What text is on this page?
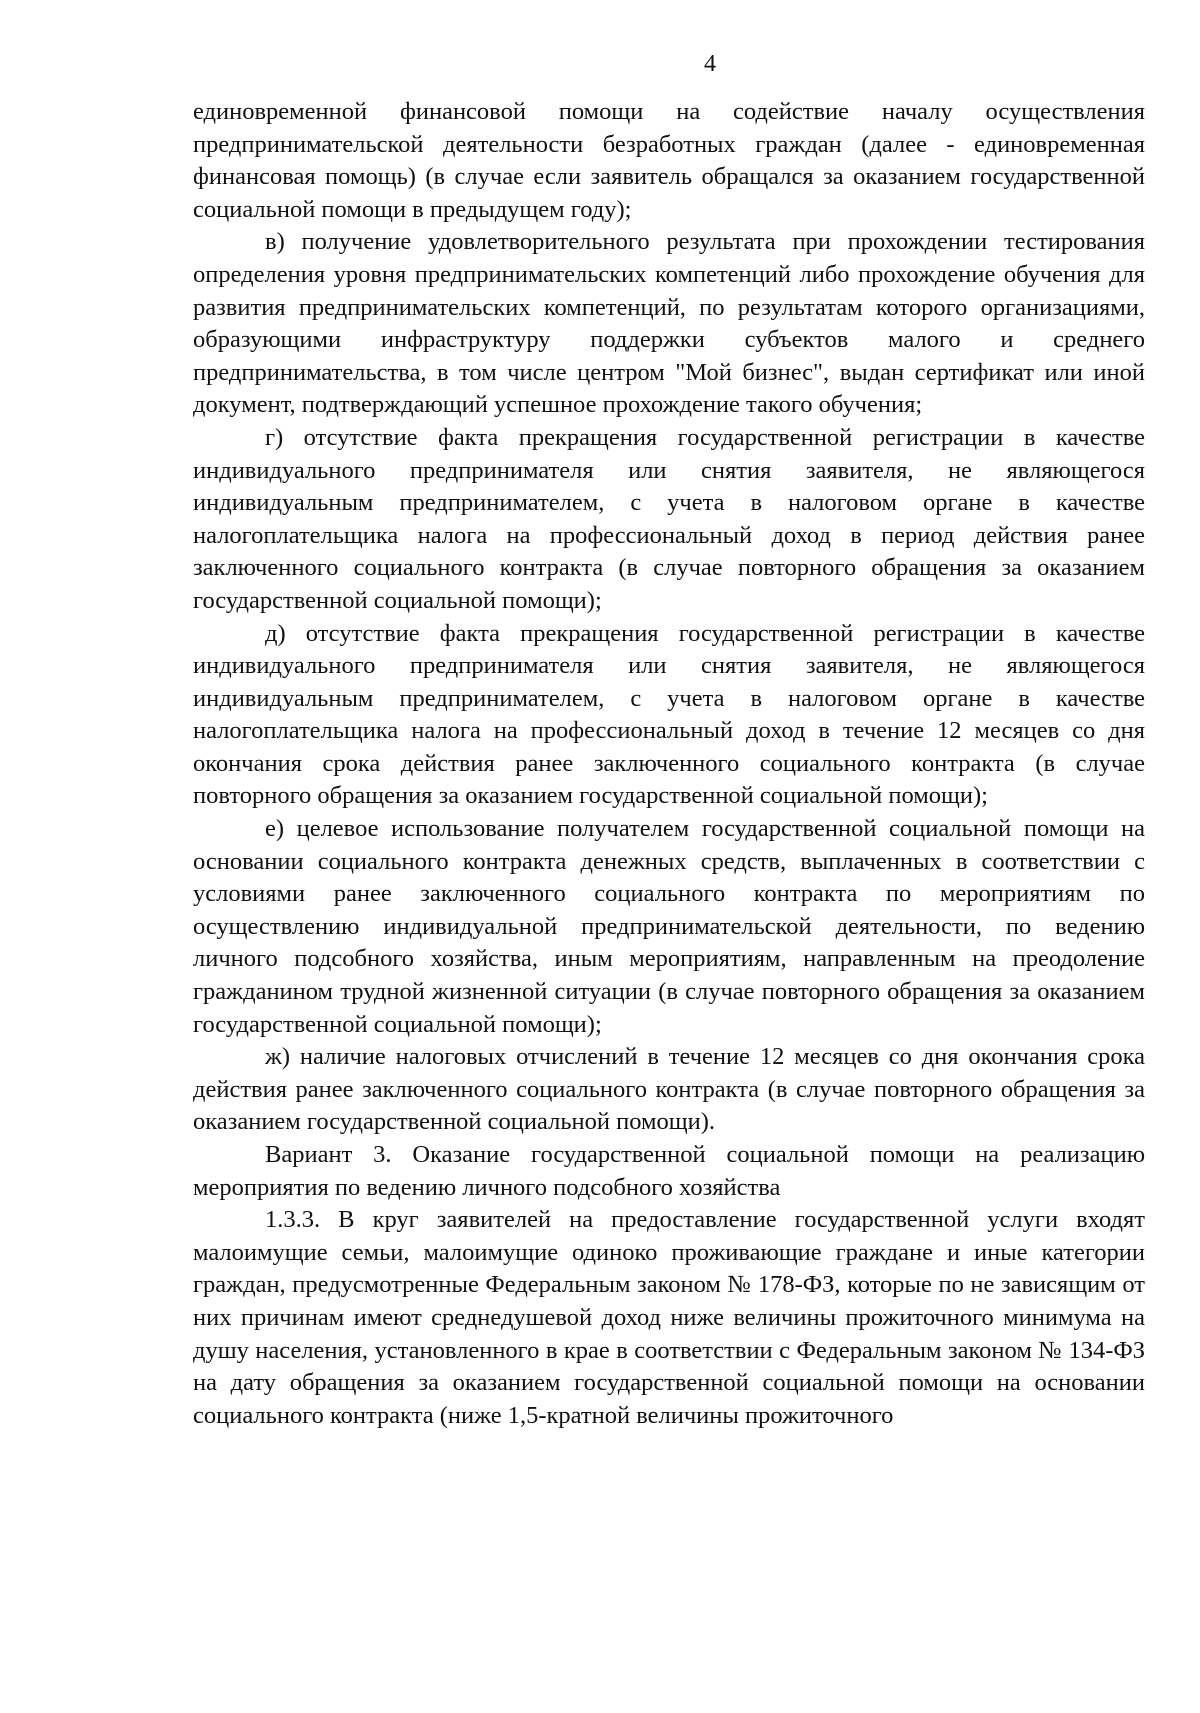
4

единовременной финансовой помощи на содействие началу осуществления предпринимательской деятельности безработных граждан (далее - единовременная финансовая помощь) (в случае если заявитель обращался за оказанием государственной социальной помощи в предыдущем году);

в) получение удовлетворительного результата при прохождении тестирования определения уровня предпринимательских компетенций либо прохождение обучения для развития предпринимательских компетенций, по результатам которого организациями, образующими инфраструктуру поддержки субъектов малого и среднего предпринимательства, в том числе центром "Мой бизнес", выдан сертификат или иной документ, подтверждающий успешное прохождение такого обучения;

г) отсутствие факта прекращения государственной регистрации в качестве индивидуального предпринимателя или снятия заявителя, не являющегося индивидуальным предпринимателем, с учета в налоговом органе в качестве налогоплательщика налога на профессиональный доход в период действия ранее заключенного социального контракта (в случае повторного обращения за оказанием государственной социальной помощи);

д) отсутствие факта прекращения государственной регистрации в качестве индивидуального предпринимателя или снятия заявителя, не являющегося индивидуальным предпринимателем, с учета в налоговом органе в качестве налогоплательщика налога на профессиональный доход в течение 12 месяцев со дня окончания срока действия ранее заключенного социального контракта (в случае повторного обращения за оказанием государственной социальной помощи);

е) целевое использование получателем государственной социальной помощи на основании социального контракта денежных средств, выплаченных в соответствии с условиями ранее заключенного социального контракта по мероприятиям по осуществлению индивидуальной предпринимательской деятельности, по ведению личного подсобного хозяйства, иным мероприятиям, направленным на преодоление гражданином трудной жизненной ситуации (в случае повторного обращения за оказанием государственной социальной помощи);

ж) наличие налоговых отчислений в течение 12 месяцев со дня окончания срока действия ранее заключенного социального контракта (в случае повторного обращения за оказанием государственной социальной помощи).

Вариант 3. Оказание государственной социальной помощи на реализацию мероприятия по ведению личного подсобного хозяйства

1.3.3. В круг заявителей на предоставление государственной услуги входят малоимущие семьи, малоимущие одиноко проживающие граждане и иные категории граждан, предусмотренные Федеральным законом № 178-ФЗ, которые по не зависящим от них причинам имеют среднедушевой доход ниже величины прожиточного минимума на душу населения, установленного в крае в соответствии с Федеральным законом № 134-ФЗ на дату обращения за оказанием государственной социальной помощи на основании социального контракта (ниже 1,5-кратной величины прожиточного
